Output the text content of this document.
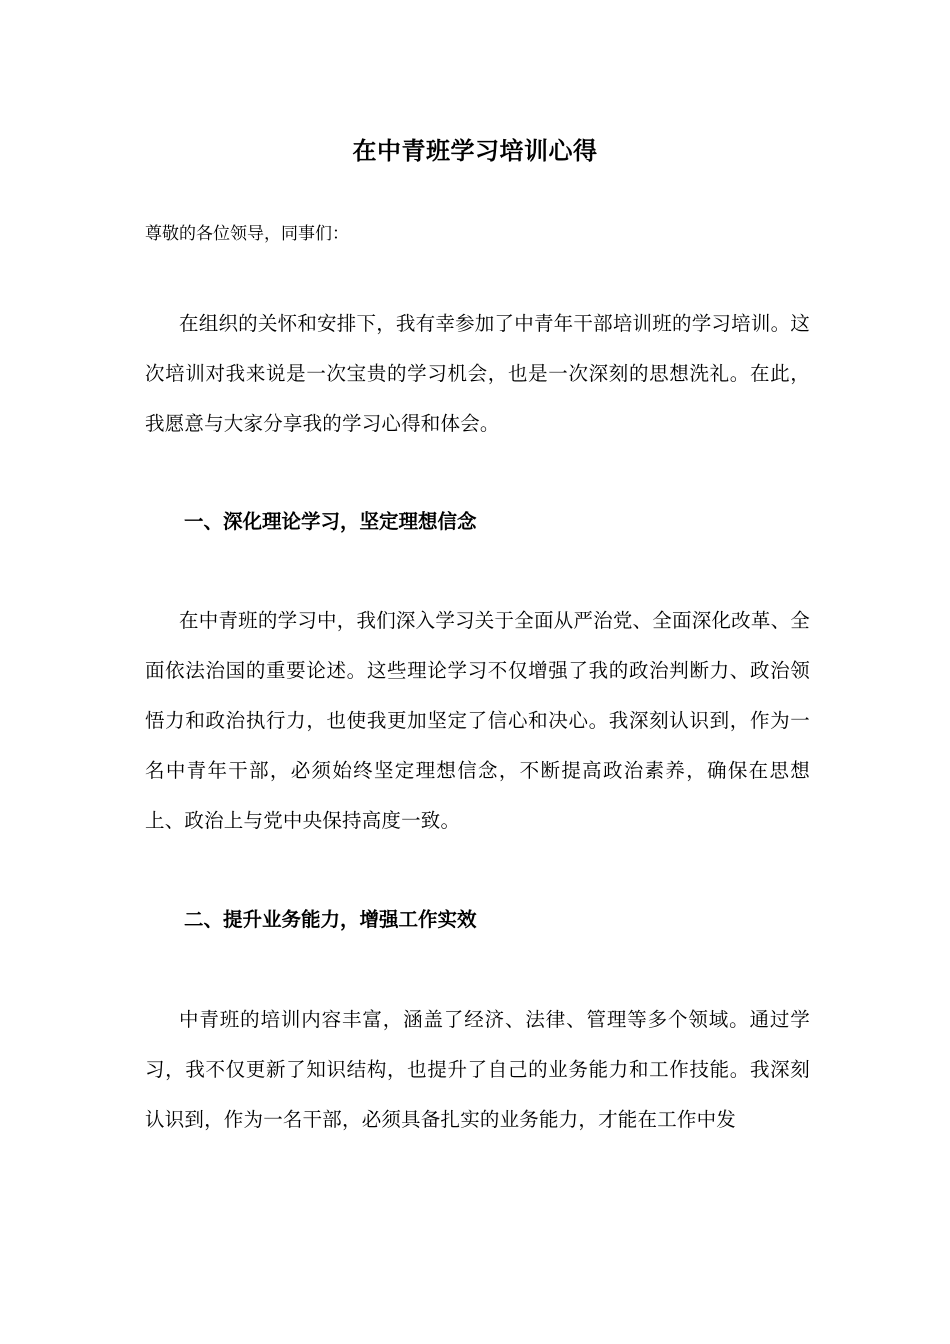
在中青班学习培训心得
尊敬的各位领导，同事们：

在组织的关怀和安排下，我有幸参加了中青年干部培训班的学习培训。这次培训对我来说是一次宝贵的学习机会，也是一次深刻的思想洗礼。在此，我愿意与大家分享我的学习心得和体会。

一、深化理论学习，坚定理想信念

在中青班的学习中，我们深入学习关于全面从严治党、全面深化改革、全面依法治国的重要论述。这些理论学习不仅增强了我的政治判断力、政治领悟力和政治执行力，也使我更加坚定了信心和决心。我深刻认识到，作为一名中青年干部，必须始终坚定理想信念，不断提高政治素养，确保在思想上、政治上与党中央保持高度一致。

二、提升业务能力，增强工作实效

中青班的培训内容丰富，涵盖了经济、法律、管理等多个领域。通过学习，我不仅更新了知识结构，也提升了自己的业务能力和工作技能。我深刻认识到，作为一名干部，必须具备扎实的业务能力，才能在工作中发
